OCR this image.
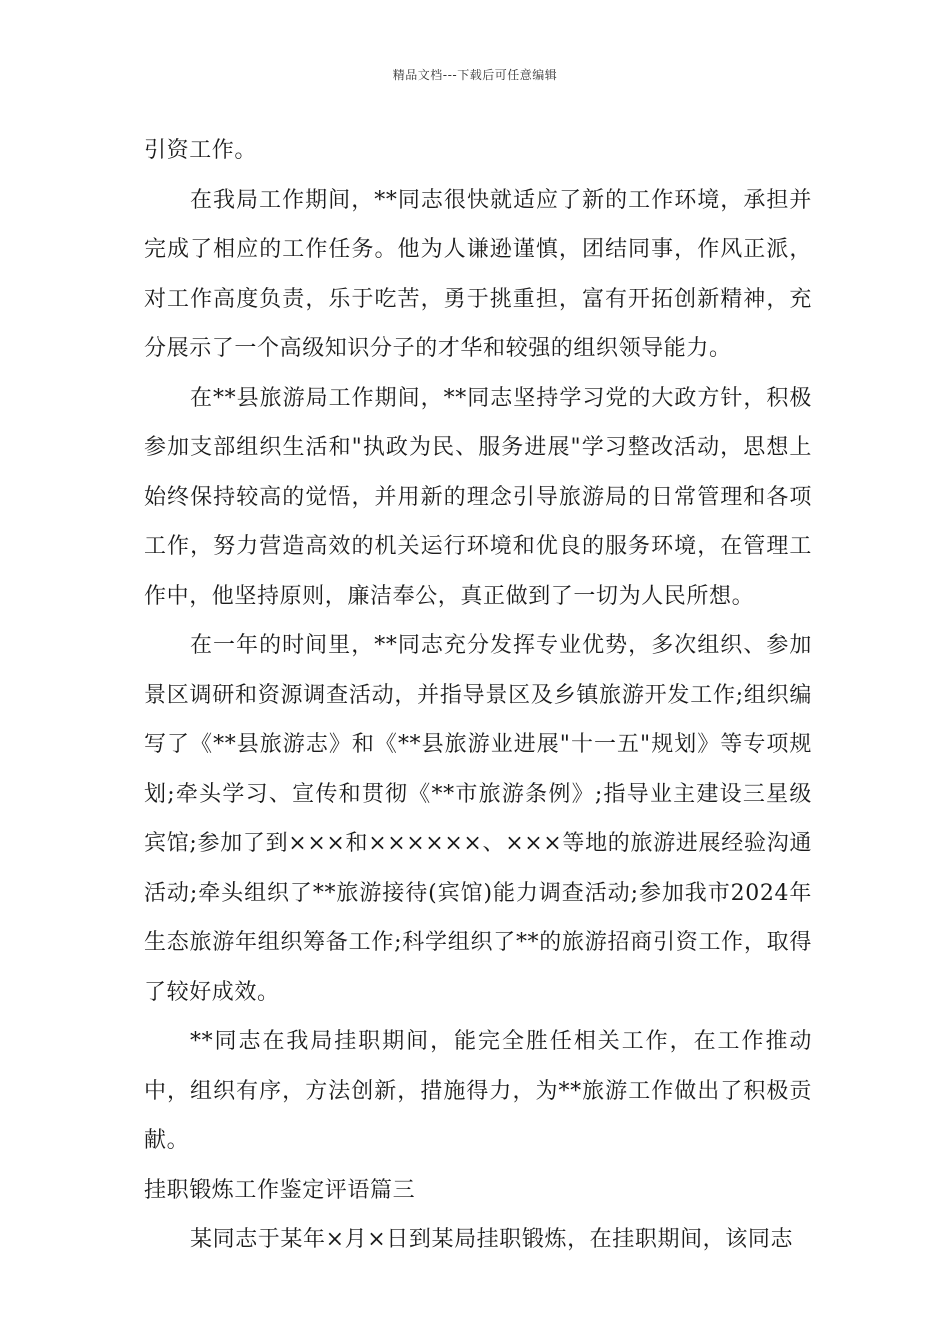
精品文档---下载后可任意编辑

引资工作。

在我局工作期间，**同志很快就适应了新的工作环境，承担并完成了相应的工作任务。他为人谦逊谨慎，团结同事，作风正派，对工作高度负责，乐于吃苦，勇于挑重担，富有开拓创新精神，充分展示了一个高级知识分子的才华和较强的组织领导能力。

在**县旅游局工作期间，**同志坚持学习党的大政方针，积极参加支部组织生活和"执政为民、服务进展"学习整改活动，思想上始终保持较高的觉悟，并用新的理念引导旅游局的日常管理和各项工作，努力营造高效的机关运行环境和优良的服务环境，在管理工作中，他坚持原则，廉洁奉公，真正做到了一切为人民所想。

在一年的时间里，**同志充分发挥专业优势，多次组织、参加景区调研和资源调查活动，并指导景区及乡镇旅游开发工作;组织编写了《**县旅游志》和《**县旅游业进展"十一五"规划》等专项规划;牵头学习、宣传和贯彻《**市旅游条例》;指导业主建设三星级宾馆;参加了到×××和××××××、×××等地的旅游进展经验沟通活动;牵头组织了**旅游接待(宾馆)能力调查活动;参加我市2024年生态旅游年组织筹备工作;科学组织了**的旅游招商引资工作，取得了较好成效。

**同志在我局挂职期间，能完全胜任相关工作，在工作推动中，组织有序，方法创新，措施得力，为**旅游工作做出了积极贡献。

挂职锻炼工作鉴定评语篇三

某同志于某年×月×日到某局挂职锻炼，在挂职期间，该同志
